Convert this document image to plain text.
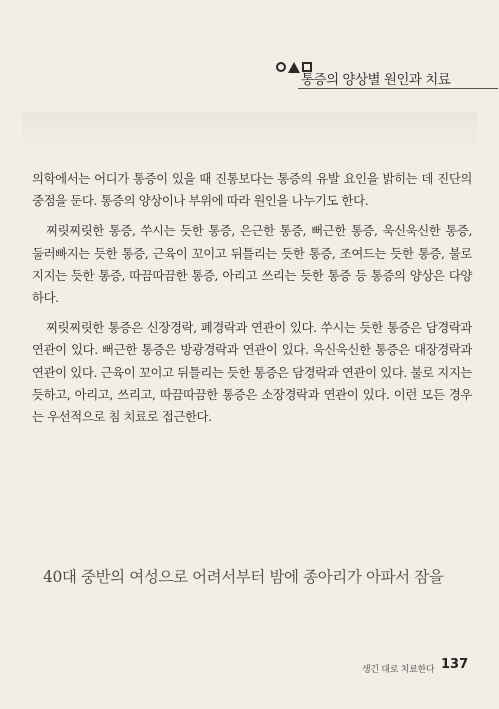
통증의 양상별 원인과 치료

의학에서는 어디가 통증이 있을 때 진통보다는 통증의 유발 요인을 밝히는 데 진단의 중점을 둔다. 통증의 양상이나 부위에 따라 원인을 나누기도 한다.

찌릿찌릿한 통증, 쑤시는 듯한 통증, 은근한 통증, 뻐근한 통증, 욱신욱신한 통증, 둘러빠지는 듯한 통증, 근육이 꼬이고 뒤틀리는 듯한 통증, 조여드는 듯한 통증, 불로 지지는 듯한 통증, 따끔따끔한 통증, 아리고 쓰리는 듯한 통증 등 통증의 양상은 다양하다.

찌릿찌릿한 통증은 신장경락, 폐경락과 연관이 있다. 쑤시는 듯한 통증은 담경락과 연관이 있다. 뻐근한 통증은 방광경락과 연관이 있다. 욱신욱신한 통증은 대장경락과 연관이 있다. 근육이 꼬이고 뒤틀리는 듯한 통증은 담경락과 연관이 있다. 불로 지지는 듯하고, 아리고, 쓰리고, 따끔따끔한 통증은 소장경락과 연관이 있다. 이런 모든 경우는 우선적으로 침 치료로 접근한다.

40대 중반의 여성으로 어려서부터 밤에 종아리가 아파서 잠을
생긴 대로 치료한다 137
